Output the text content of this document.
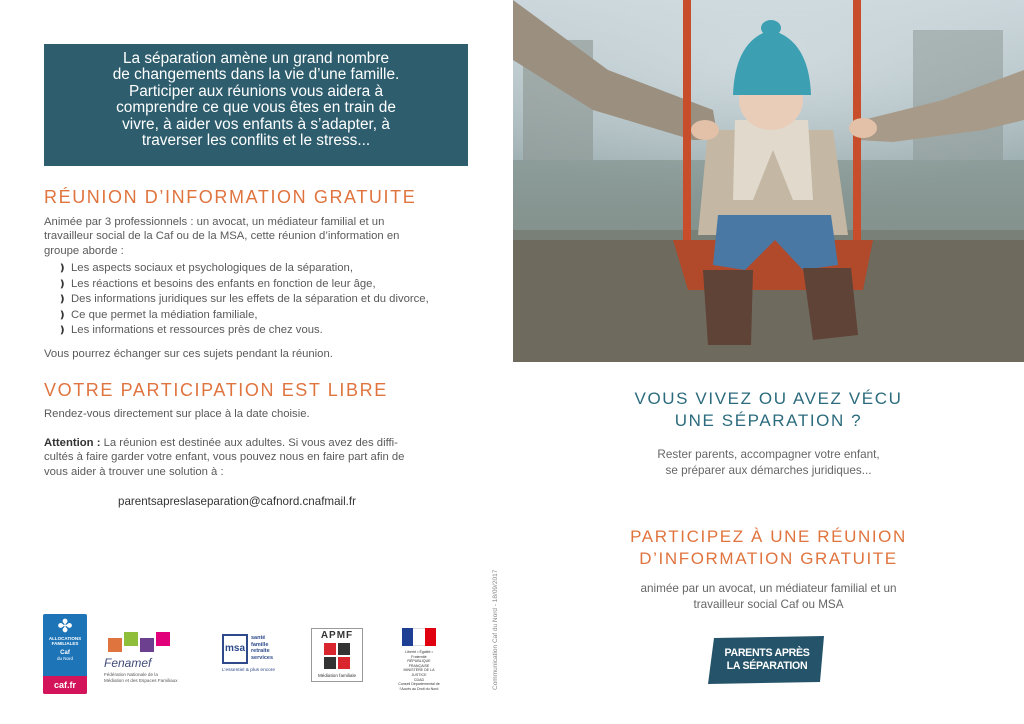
La séparation amène un grand nombre
de changements dans la vie d’une famille.
Participer aux réunions vous aidera à
comprendre ce que vous êtes en train de
vivre, à aider vos enfants à s’adapter, à
traverser les conflits et le stress...
RÉUNION D’INFORMATION GRATUITE
Animée par 3 professionnels : un avocat, un médiateur familial et un
travailleur social de la Caf ou de la MSA, cette réunion d’information en
groupe aborde :
❫ Les aspects sociaux et psychologiques de la séparation,
❫ Les réactions et besoins des enfants en fonction de leur âge,
❫ Des informations juridiques sur les effets de la séparation et du divorce,
❫ Ce que permet la médiation familiale,
❫ Les informations et ressources près de chez vous.
Vous pourrez échanger sur ces sujets pendant la réunion.
VOTRE PARTICIPATION EST LIBRE
Rendez-vous directement sur place à la date choisie.
Attention : La réunion est destinée aux adultes. Si vous avez des diffi-
cultés à faire garder votre enfant, vous pouvez nous en faire part afin de
vous aider à trouver une solution à :
parentsapreslaseparation@cafnord.cnafmail.fr
Communication Caf du Nord - 18/09/2017
✤
ALLOCATIONS
FAMILIALES
Caf
du Nord
caf.fr
Fenamef
Fédération Nationale de la
Médiation et des Espaces Familiaux
msa
santé
famille
retraite
services
L’essentiel & plus encore
APMF
Médiation familiale
Liberté • Égalité • Fraternité
RÉPUBLIQUE FRANÇAISE
MINISTÈRE DE LA JUSTICE
CDAD
Conseil Départemental de l’Accès au Droit du Nord
VOUS VIVEZ OU AVEZ VÉCU
UNE SÉPARATION ?
Rester parents, accompagner votre enfant,
se préparer aux démarches juridiques...
PARTICIPEZ À UNE RÉUNION
D’INFORMATION GRATUITE
animée par un avocat, un médiateur familial et un
travailleur social Caf ou MSA
PARENTS APRÈS
LA SÉPARATION
